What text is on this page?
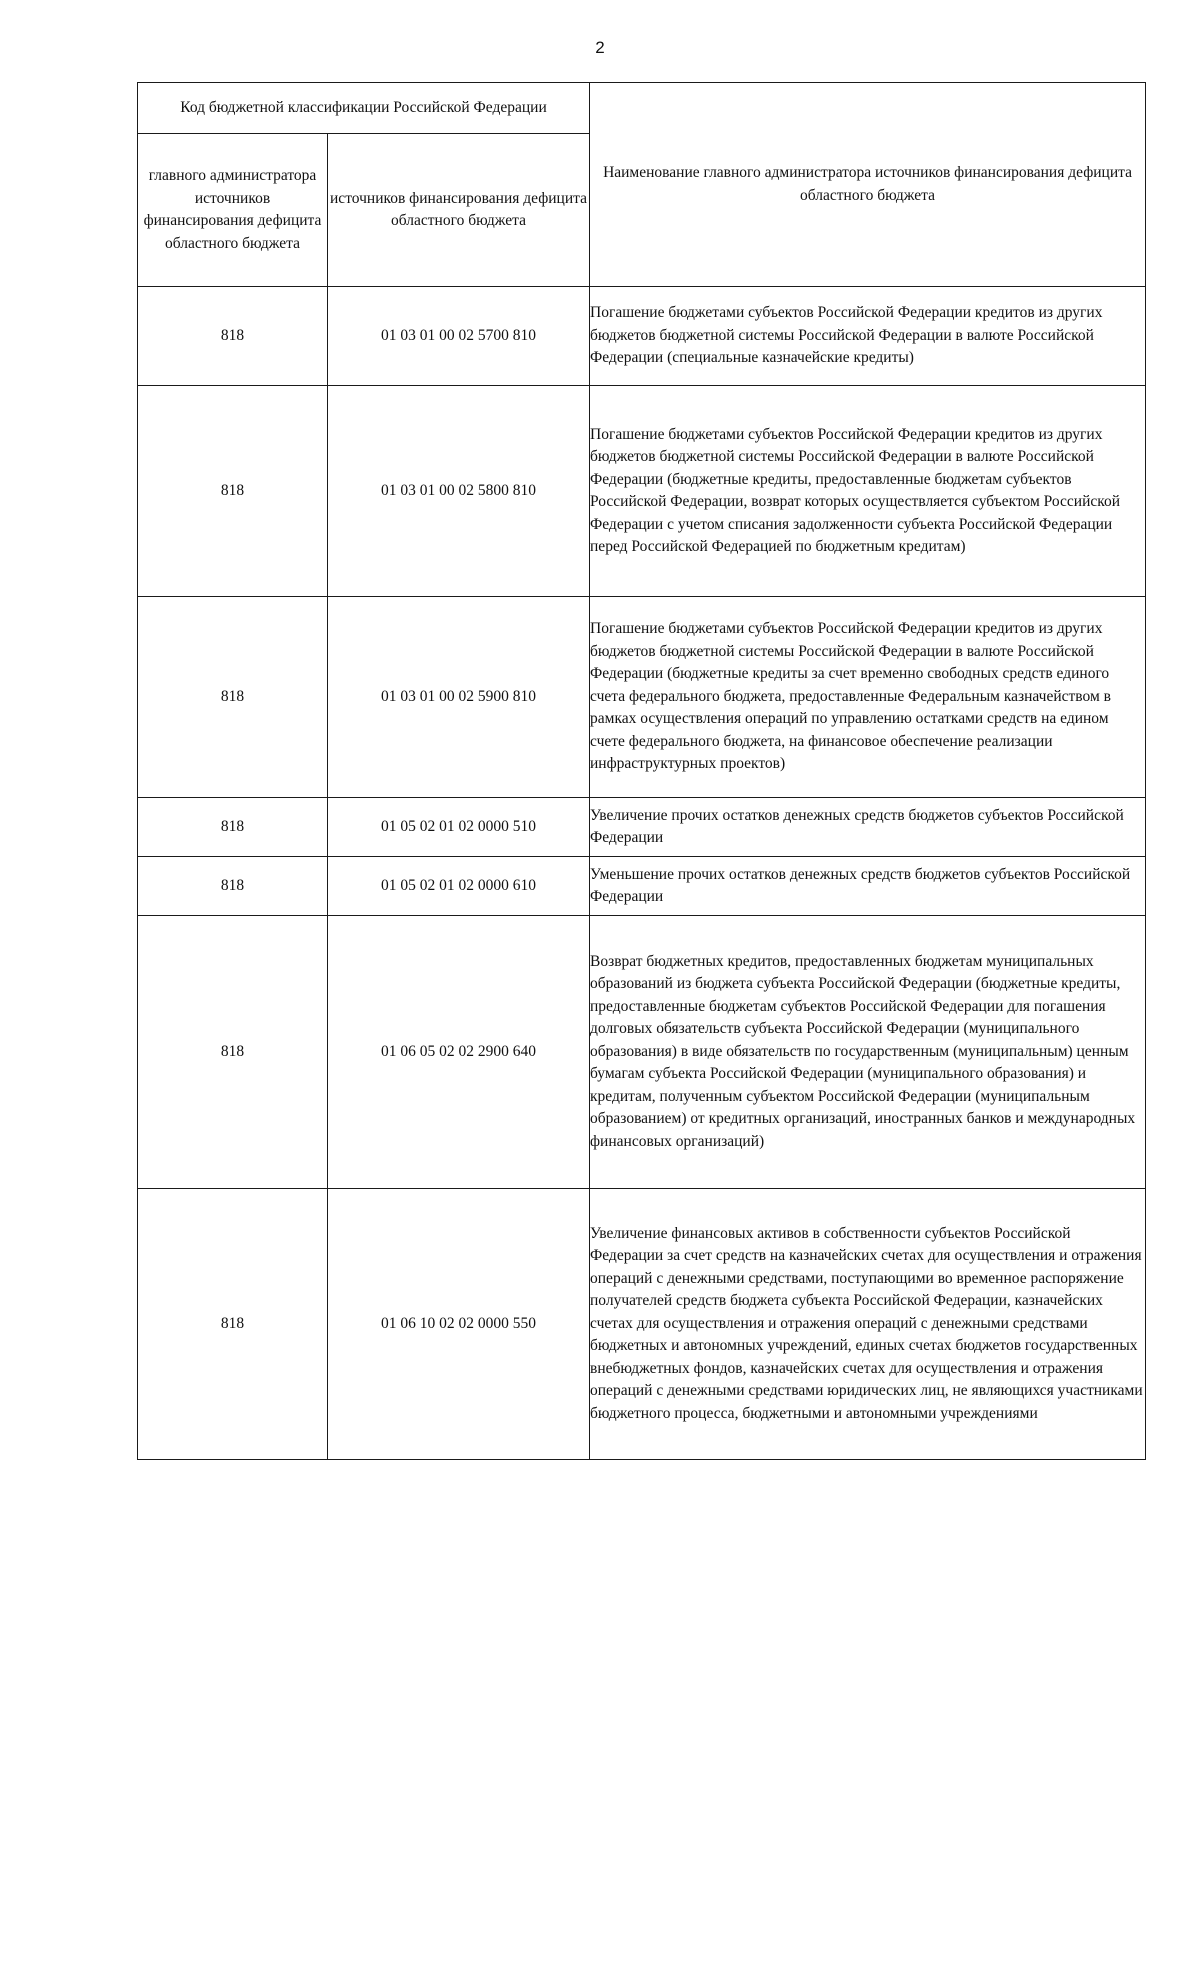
2
Код бюджетной классификации Российской Федерации		Наименование главного администратора источников финансирования дефицита областного бюджета
главного администратора источников финансирования дефицита областного бюджета	источников финансирования дефицита областного бюджета	
818	01 03 01 00 02 5700 810	Погашение бюджетами субъектов Российской Федерации кредитов из других бюджетов бюджетной системы Российской Федерации в валюте Российской Федерации (специальные казначейские кредиты)
818	01 03 01 00 02 5800 810	Погашение бюджетами субъектов Российской Федерации кредитов из других бюджетов бюджетной системы Российской Федерации в валюте Российской Федерации (бюджетные кредиты, предоставленные бюджетам субъектов Российской Федерации, возврат которых осуществляется субъектом Российской Федерации с учетом списания задолженности субъекта Российской Федерации перед Российской Федерацией по бюджетным кредитам)
818	01 03 01 00 02 5900 810	Погашение бюджетами субъектов Российской Федерации кредитов из других бюджетов бюджетной системы Российской Федерации в валюте Российской Федерации (бюджетные кредиты за счет временно свободных средств единого счета федерального бюджета, предоставленные Федеральным казначейством в рамках осуществления операций по управлению остатками средств на едином счете федерального бюджета, на финансовое обеспечение реализации инфраструктурных проектов)
818	01 05 02 01 02 0000 510	Увеличение прочих остатков денежных средств бюджетов субъектов Российской Федерации
818	01 05 02 01 02 0000 610	Уменьшение прочих остатков денежных средств бюджетов субъектов Российской Федерации
818	01 06 05 02 02 2900 640	Возврат бюджетных кредитов, предоставленных бюджетам муниципальных образований из бюджета субъекта Российской Федерации (бюджетные кредиты, предоставленные бюджетам субъектов Российской Федерации для погашения долговых обязательств субъекта Российской Федерации (муниципального образования) в виде обязательств по государственным (муниципальным) ценным бумагам субъекта Российской Федерации (муниципального образования) и кредитам, полученным субъектом Российской Федерации (муниципальным образованием) от кредитных организаций, иностранных банков и международных финансовых организаций)
818	01 06 10 02 02 0000 550	Увеличение финансовых активов в собственности субъектов Российской Федерации за счет средств на казначейских счетах для осуществления и отражения операций с денежными средствами, поступающими во временное распоряжение получателей средств бюджета субъекта Российской Федерации, казначейских счетах для осуществления и отражения операций с денежными средствами бюджетных и автономных учреждений, единых счетах бюджетов государственных внебюджетных фондов, казначейских счетах для осуществления и отражения операций с денежными средствами юридических лиц, не являющихся участниками бюджетного процесса, бюджетными и автономными учреждениями
